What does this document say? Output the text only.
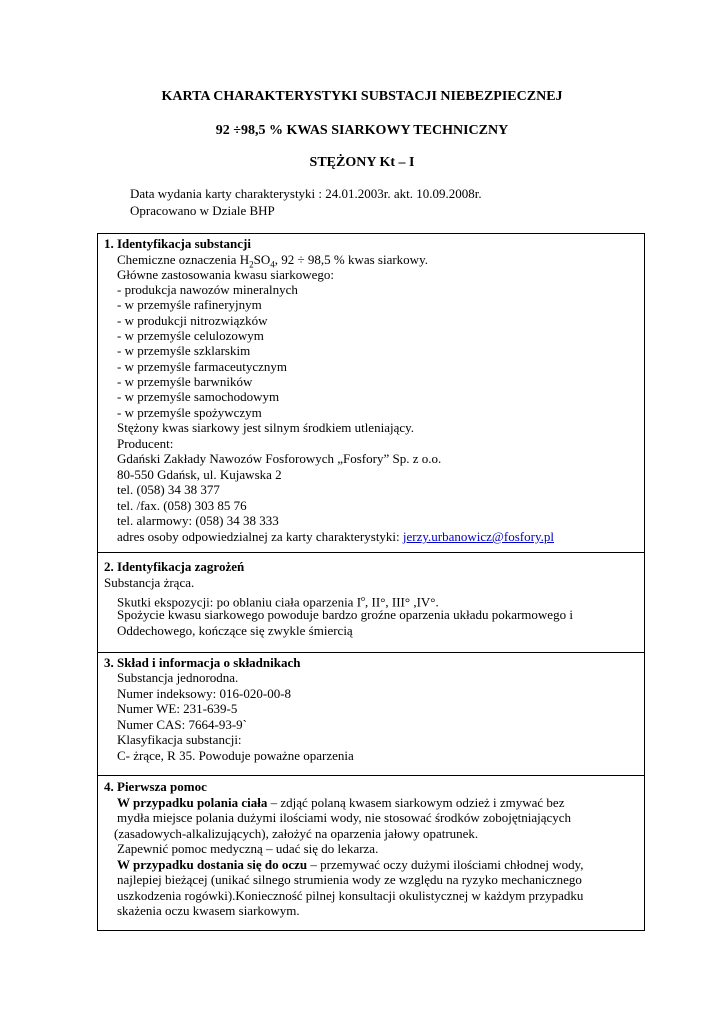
KARTA CHARAKTERYSTYKI SUBSTACJI NIEBEZPIECZNEJ
92 ÷98,5 % KWAS SIARKOWY TECHNICZNY
STĘŻONY Kt – I
Data wydania karty charakterystyki : 24.01.2003r. akt. 10.09.2008r.
Opracowano w Dziale BHP
1. Identyfikacja substancji
Chemiczne oznaczenia $H_2SO_4$, 92 ÷ 98,5 % kwas siarkowy.
Główne zastosowania kwasu siarkowego:
- produkcja nawozów mineralnych
- w przemyśle rafineryjnym
- w produkcji nitrozwiązków
- w przemyśle celulozowym
- w przemyśle szklarskim
- w przemyśle farmaceutycznym
- w przemyśle barwników
- w przemyśle samochodowym
- w przemyśle spożywczym
Stężony kwas siarkowy jest silnym środkiem utleniający.
Producent:
Gdański Zakłady Nawozów Fosforowych „Fosfory” Sp. z o.o.
80-550 Gdańsk, ul. Kujawska 2
tel. (058) 34 38 377
tel. /fax. (058) 303 85 76
tel. alarmowy: (058) 34 38 333
adres osoby odpowiedzialnej za karty charakterystyki: jerzy.urbanowicz@fosfory.pl
2. Identyfikacja zagrożeń
Substancja żrąca.
Skutki ekspozycji: po oblaniu ciała oparzenia $I^o$, II°, III° ,IV°.
Spożycie kwasu siarkowego powoduje bardzo groźne oparzenia układu pokarmowego i
Oddechowego, kończące się zwykle śmiercią
3. Skład i informacja o składnikach
Substancja jednorodna.
Numer indeksowy: 016-020-00-8
Numer WE: 231-639-5
Numer CAS: 7664-93-9`
Klasyfikacja substancji:
C- żrące, R 35. Powoduje poważne oparzenia
4. Pierwsza pomoc
W przypadku polania ciała – zdjąć polaną kwasem siarkowym odzież i zmywać bez
mydła miejsce polania dużymi ilościami wody, nie stosować środków zobojętniających
(zasadowych-alkalizujących), założyć na oparzenia jałowy opatrunek.
Zapewnić pomoc medyczną – udać się do lekarza.
W przypadku dostania się do oczu – przemywać oczy dużymi ilościami chłodnej wody,
najlepiej bieżącej (unikać silnego strumienia wody ze względu na ryzyko mechanicznego
uszkodzenia rogówki).Konieczność pilnej konsultacji okulistycznej w każdym przypadku
skażenia oczu kwasem siarkowym.
